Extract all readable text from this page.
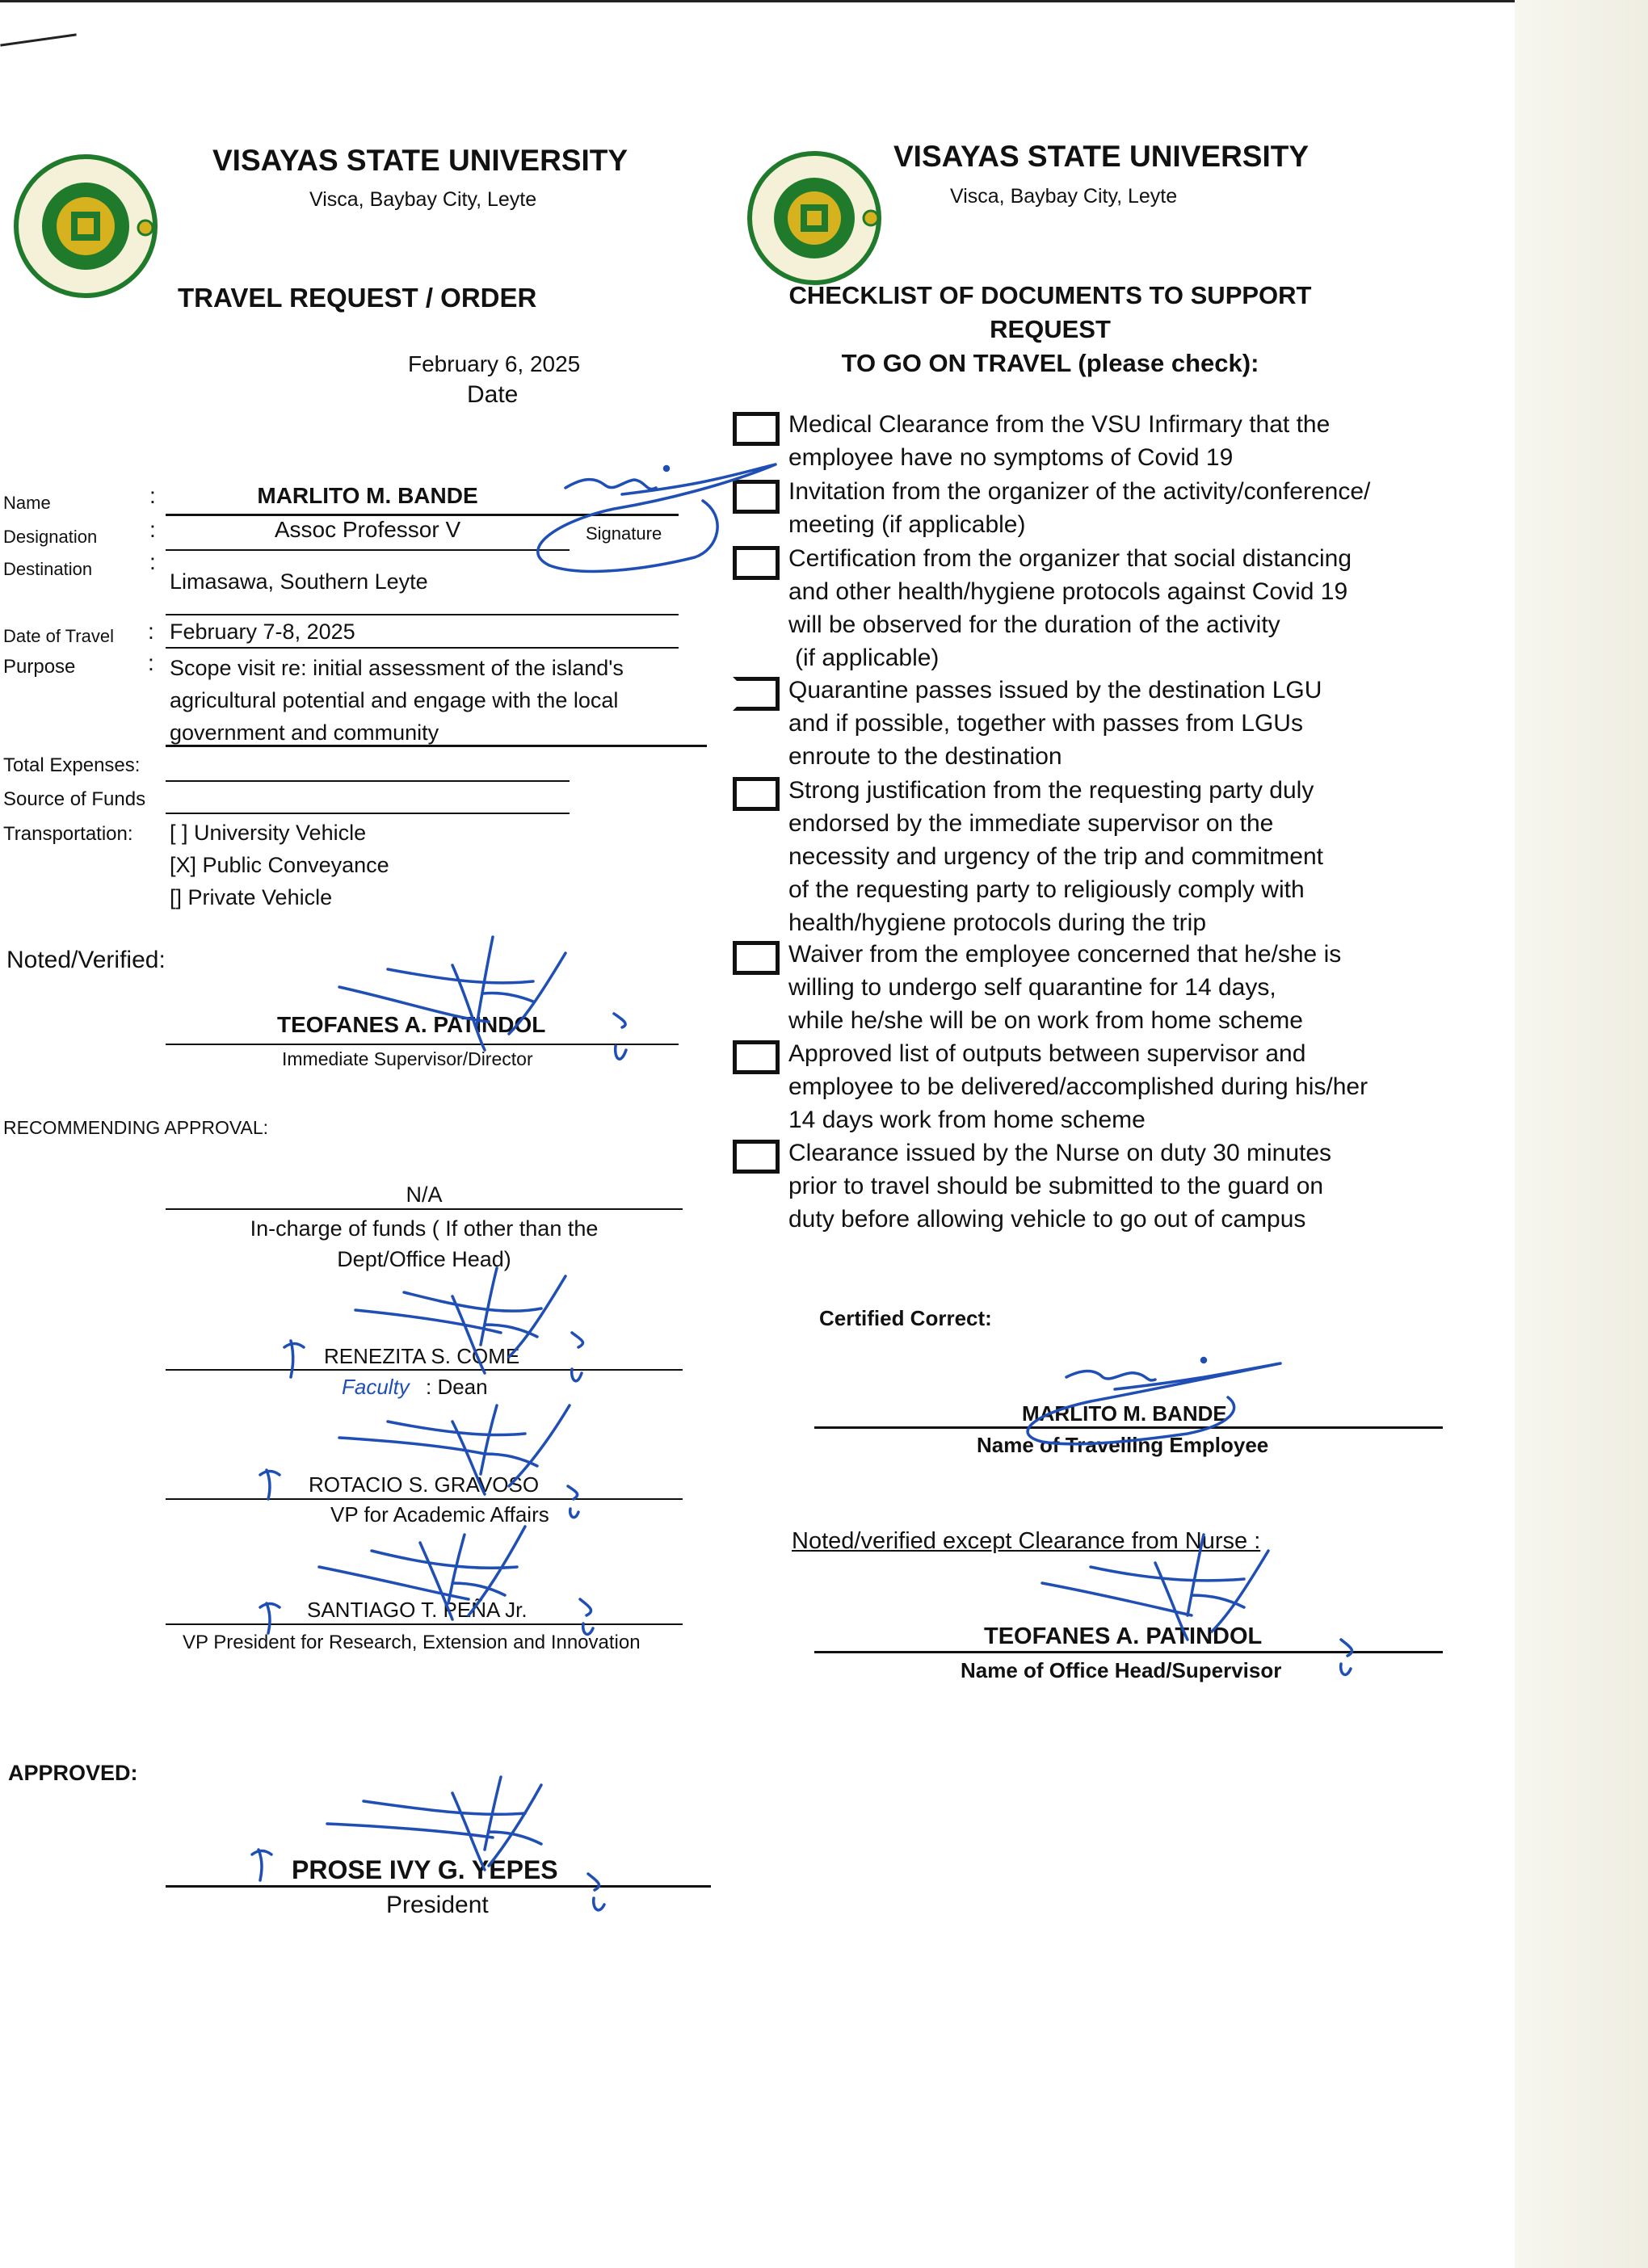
VISAYAS STATE UNIVERSITY
Visca, Baybay City, Leyte
TRAVEL REQUEST / ORDER
February 6, 2025
Date
Name	:	MARLITO M. BANDE
Designation :	Assoc Professor V	Signature
Destination	:
Limasawa, Southern Leyte
Date of Travel : February 7-8, 2025
Purpose	: Scope visit re: initial assessment of the island's
agricultural potential and engage with the local
government and community
Total Expenses:
Source of Funds
Transportation: [ ] University Vehicle
[X] Public Conveyance
[] Private Vehicle
Noted/Verified:
TEOFANES A. PATINDOL
Immediate Supervisor/Director
RECOMMENDING APPROVAL:
N/A
In-charge of funds ( If other than the
Dept/Office Head)
RENEZITA S. COME
Faculty : Dean
ROTACIO S. GRAVOSO
VP for Academic Affairs
SANTIAGO T. PEÑA Jr.
VP President for Research, Extension and Innovation
APPROVED:
PROSE IVY G. YEPES
President
VISAYAS STATE UNIVERSITY
Visca, Baybay City, Leyte
CHECKLIST OF DOCUMENTS TO SUPPORT REQUEST
TO GO ON TRAVEL (please check):
Medical Clearance from the VSU Infirmary that the
employee have no symptoms of Covid 19
Invitation from the organizer of the activity/conference/
meeting (if applicable)
Certification from the organizer that social distancing
and other health/hygiene protocols against Covid 19
will be observed for the duration of the activity
(if applicable)
Quarantine passes issued by the destination LGU
and if possible, together with passes from LGUs
enroute to the destination
Strong justification from the requesting party duly
endorsed by the immediate supervisor on the
necessity and urgency of the trip and commitment
of the requesting party to religiously comply with
health/hygiene protocols during the trip
Waiver from the employee concerned that he/she is
willing to undergo self quarantine for 14 days,
while he/she will be on work from home scheme
Approved list of outputs between supervisor and
employee to be delivered/accomplished during his/her
14 days work from home scheme
Clearance issued by the Nurse on duty 30 minutes
prior to travel should be submitted to the guard on
duty before allowing vehicle to go out of campus
Certified Correct:
MARLITO M. BANDE
Name of Travelling Employee
Noted/verified except Clearance from Nurse :
TEOFANES A. PATINDOL
Name of Office Head/Supervisor
